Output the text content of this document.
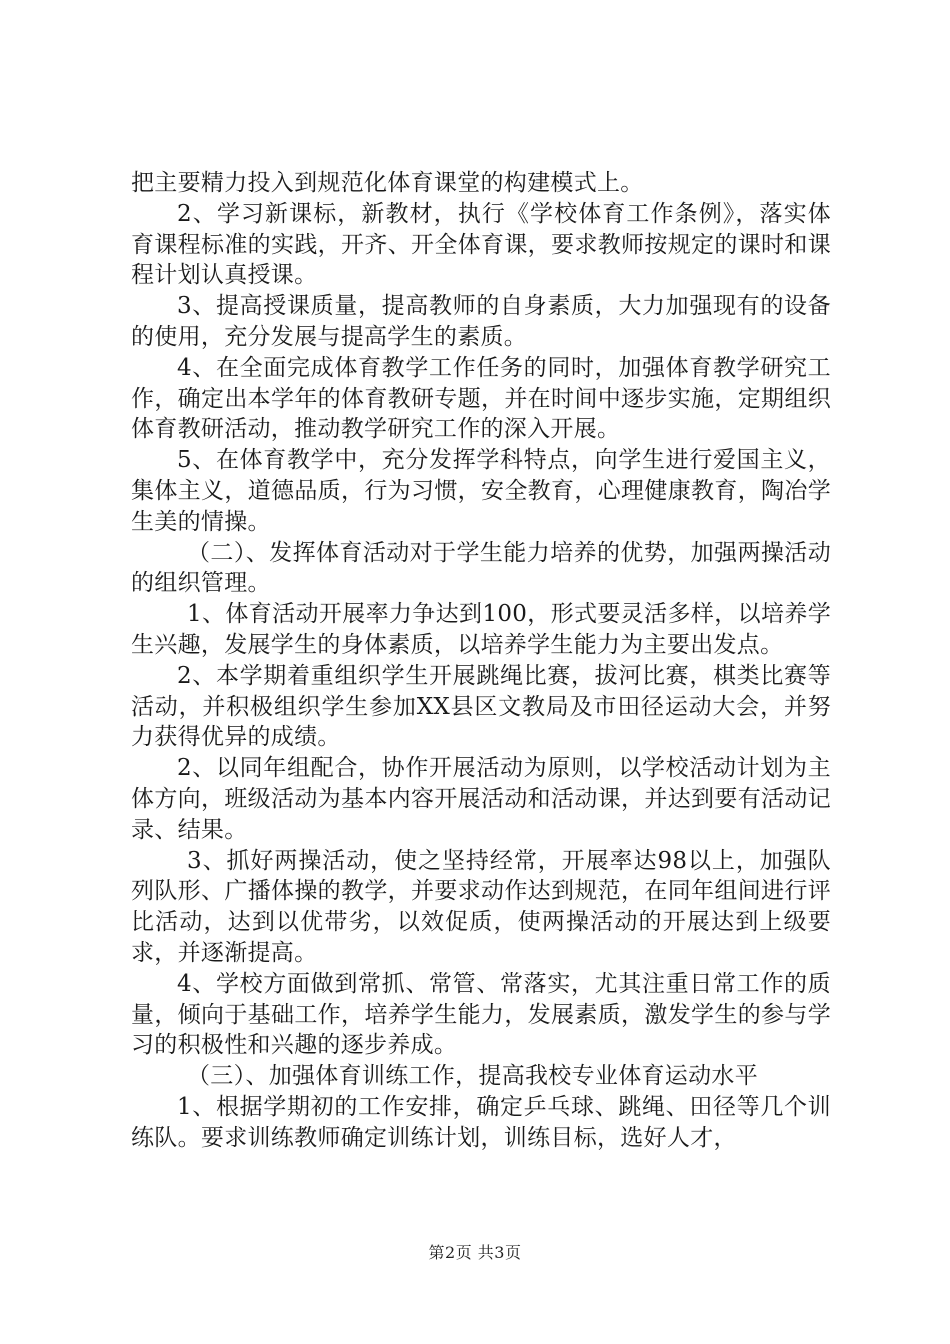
把主要精力投入到规范化体育课堂的构建模式上。

2、学习新课标，新教材，执行《学校体育工作条例》，落实体育课程标准的实践，开齐、开全体育课，要求教师按规定的课时和课程计划认真授课。

3、提高授课质量，提高教师的自身素质，大力加强现有的设备的使用，充分发展与提高学生的素质。

4、在全面完成体育教学工作任务的同时，加强体育教学研究工作，确定出本学年的体育教研专题，并在时间中逐步实施，定期组织体育教研活动，推动教学研究工作的深入开展。

5、在体育教学中，充分发挥学科特点，向学生进行爱国主义，集体主义，道德品质，行为习惯，安全教育，心理健康教育，陶冶学生美的情操。

（二）、发挥体育活动对于学生能力培养的优势，加强两操活动的组织管理。

1、体育活动开展率力争达到100，形式要灵活多样，以培养学生兴趣，发展学生的身体素质，以培养学生能力为主要出发点。

2、本学期着重组织学生开展跳绳比赛，拔河比赛，棋类比赛等活动，并积极组织学生参加XX县区文教局及市田径运动大会，并努力获得优异的成绩。

2、以同年组配合，协作开展活动为原则，以学校活动计划为主体方向，班级活动为基本内容开展活动和活动课，并达到要有活动记录、结果。

3、抓好两操活动，使之坚持经常，开展率达98以上，加强队列队形、广播体操的教学，并要求动作达到规范，在同年组间进行评比活动，达到以优带劣，以效促质，使两操活动的开展达到上级要求，并逐渐提高。

4、学校方面做到常抓、常管、常落实，尤其注重日常工作的质量，倾向于基础工作，培养学生能力，发展素质，激发学生的参与学习的积极性和兴趣的逐步养成。

（三）、加强体育训练工作，提高我校专业体育运动水平

1、根据学期初的工作安排，确定乒乓球、跳绳、田径等几个训练队。要求训练教师确定训练计划，训练目标，选好人才，

第2页 共3页
